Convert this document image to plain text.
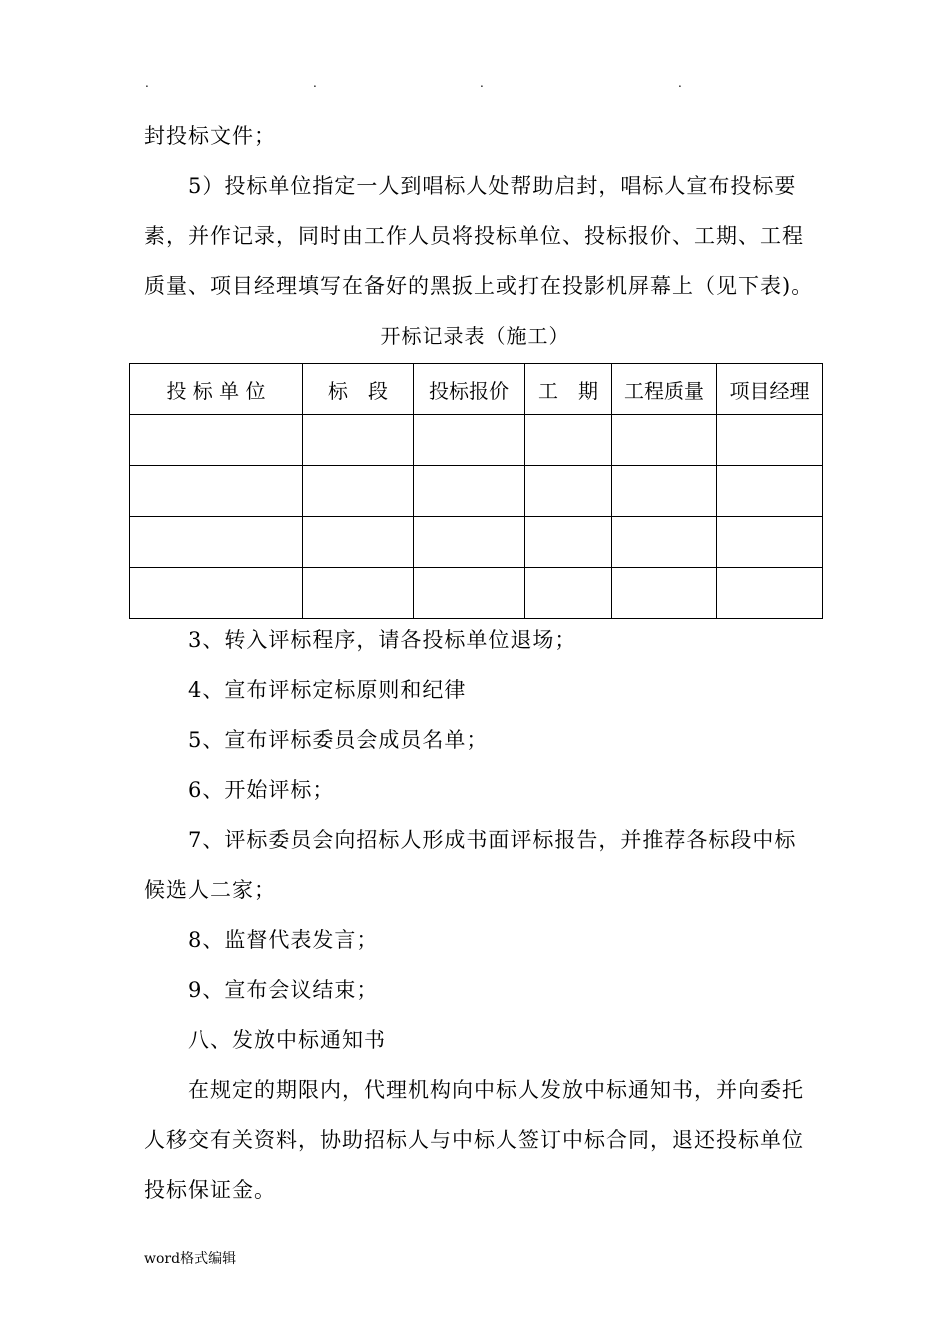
.	.	.	.
封投标文件；
5）投标单位指定一人到唱标人处帮助启封，唱标人宣布投标要
素，并作记录，同时由工作人员将投标单位、投标报价、工期、工程
质量、项目经理填写在备好的黑扳上或打在投影机屏幕上（见下表)。
开标记录表（施工）
投 标 单 位	标　段	投标报价	工　期	工程质量	项目经理

3、转入评标程序，请各投标单位退场；
4、宣布评标定标原则和纪律
5、宣布评标委员会成员名单；
6、开始评标；
7、评标委员会向招标人形成书面评标报告，并推荐各标段中标
候选人二家；
8、监督代表发言；
9、宣布会议结束；
八、发放中标通知书
在规定的期限内，代理机构向中标人发放中标通知书，并向委托
人移交有关资料，协助招标人与中标人签订中标合同，退还投标单位
投标保证金。
word格式编辑
